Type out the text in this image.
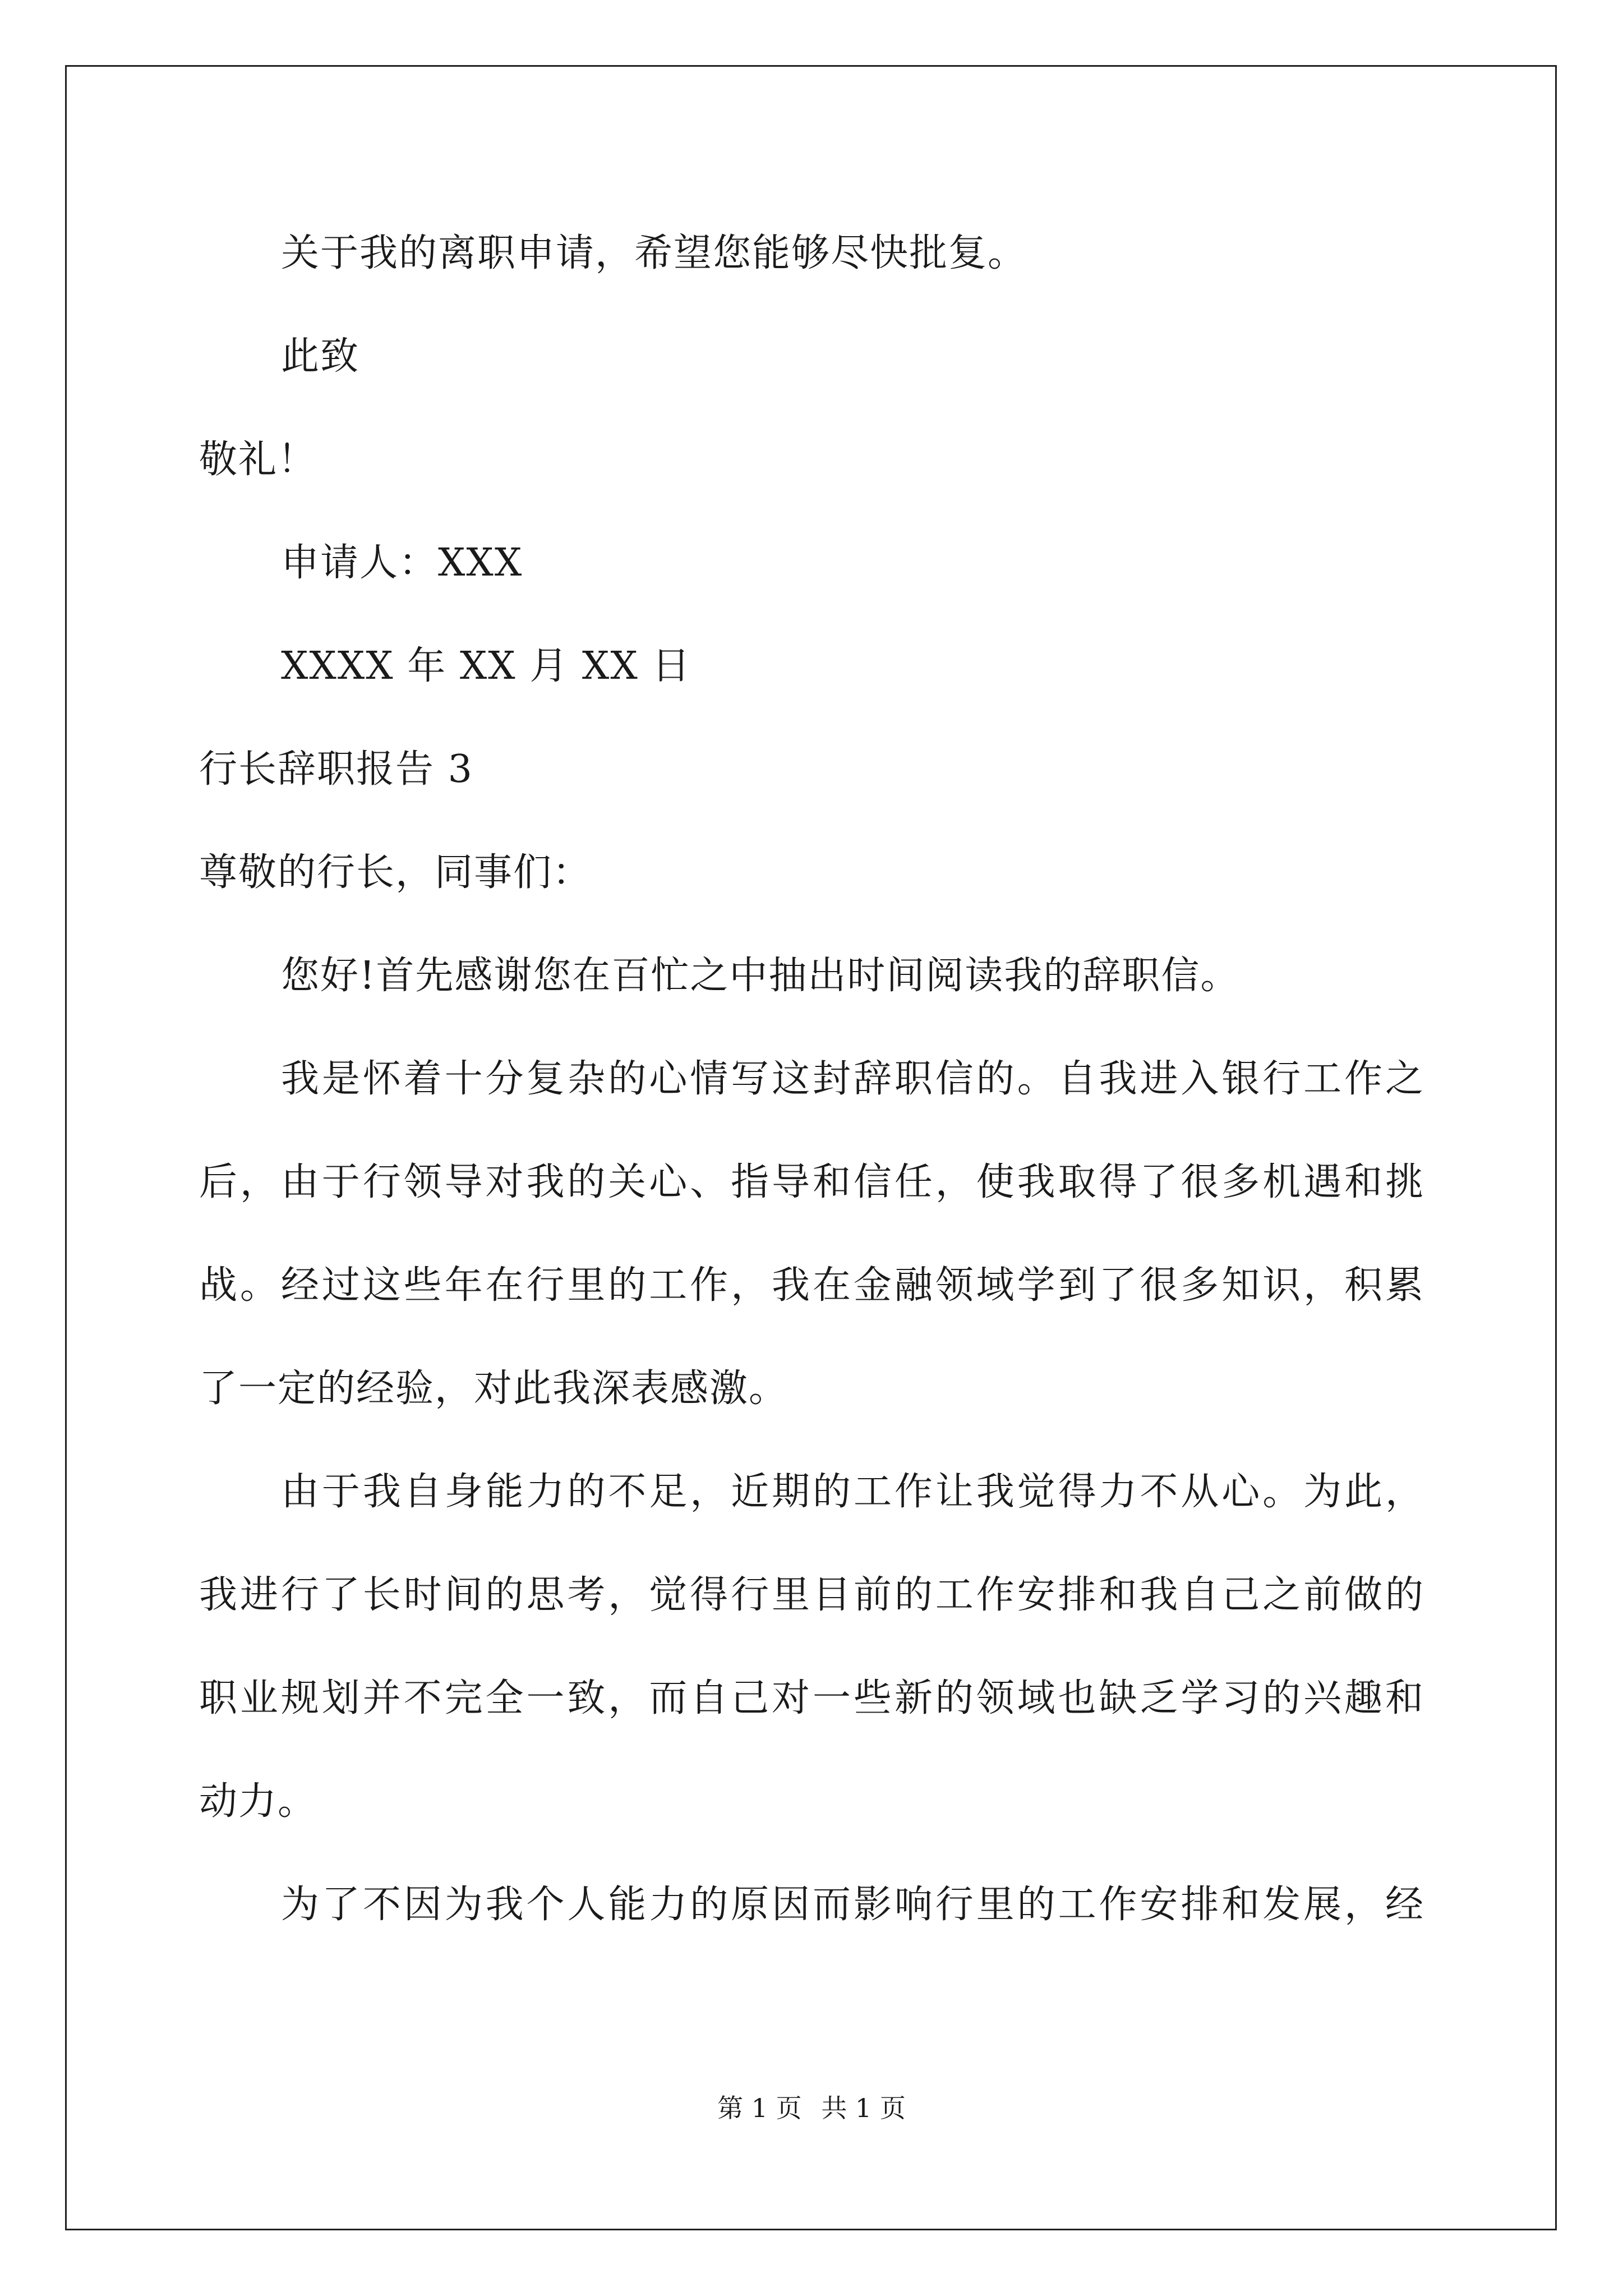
关于我的离职申请，希望您能够尽快批复。
此致
敬礼！
申请人：XXX
XXXX 年 XX 月 XX 日
行长辞职报告 3
尊敬的行长，同事们：
您好!首先感谢您在百忙之中抽出时间阅读我的辞职信。
我是怀着十分复杂的心情写这封辞职信的。自我进入银行工作之
后，由于行领导对我的关心、指导和信任，使我取得了很多机遇和挑
战。经过这些年在行里的工作，我在金融领域学到了很多知识，积累
了一定的经验，对此我深表感激。
由于我自身能力的不足，近期的工作让我觉得力不从心。为此，
我进行了长时间的思考，觉得行里目前的工作安排和我自己之前做的
职业规划并不完全一致，而自己对一些新的领域也缺乏学习的兴趣和
动力。
为了不因为我个人能力的原因而影响行里的工作安排和发展，经
第 1 页 共 1 页
